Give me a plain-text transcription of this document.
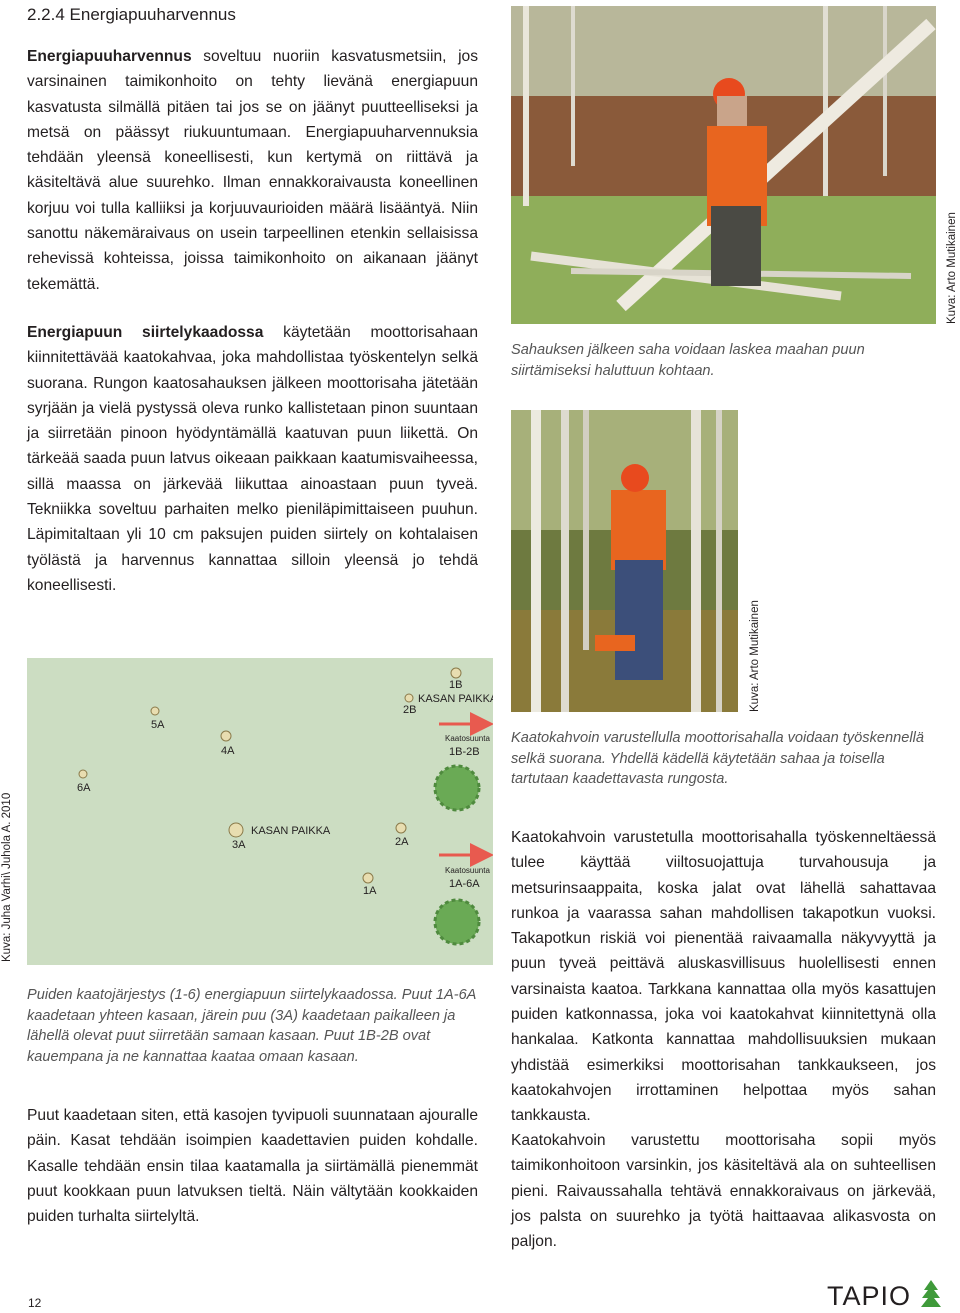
2.2.4 Energiapuuharvennus

Energiapuuharvennus soveltuu nuoriin kasvatusmetsiin, jos varsinainen taimikonhoito on tehty lievänä energiapuun kasvatusta silmällä pitäen tai jos se on jäänyt puutteelliseksi ja metsä on päässyt riukuuntumaan. Energiapuuharvennuksia tehdään yleensä koneellisesti, kun kertymä on riittävä ja käsiteltävä alue suurehko. Ilman ennakkoraivausta koneellinen korjuu voi tulla kalliiksi ja korjuuvaurioiden määrä lisääntyä. Niin sanottu näkemäraivaus on usein tarpeellinen etenkin sellaisissa rehevissä kohteissa, joissa taimikonhoito on aikanaan jäänyt tekemättä.

Energiapuun siirtelykaadossa käytetään moottorisahaan kiinnitettävää kaatokahvaa, joka mahdollistaa työskentelyn selkä suorana. Rungon kaatosahauksen jälkeen moottorisaha jätetään syrjään ja vielä pystyssä oleva runko kallistetaan pinon suuntaan ja siirretään pinoon hyödyntämällä kaatuvan puun liikettä. On tärkeää saada puun latvus oikeaan paikkaan kaatumisvaiheessa, sillä maassa on järkevää liikuttaa ainoastaan puun tyveä. Tekniikka soveltuu parhaiten melko pieniläpimittaiseen puuhun. Läpimitaltaan yli 10 cm paksujen puiden siirtely on kohtalaisen työlästä ja harvennus kannattaa silloin yleensä jo tehdä koneellisesti.

1B
2B
KASAN PAIKKA
Kaatosuunta
1B-2B
5A
4A
6A
3A
KASAN PAIKKA
2A
1A
Kaatosuunta
1A-6A
Kuva: Juha Varhi\ Juhola A. 2010

Puiden kaatojärjestys (1-6) energiapuun siirtelykaadossa. Puut 1A-6A kaadetaan yhteen kasaan, järein puu (3A) kaadetaan paikalleen ja lähellä olevat puut siirretään samaan kasaan. Puut 1B-2B ovat kauempana ja ne kannattaa kaataa omaan kasaan.

Puut kaadetaan siten, että kasojen tyvipuoli suunnataan ajouralle päin. Kasat tehdään isoimpien kaadettavien puiden kohdalle. Kasalle tehdään ensin tilaa kaatamalla ja siirtämällä pienemmät puut kookkaan puun latvuksen tieltä. Näin vältytään kookkaiden puiden turhalta siirtelyltä.

Kuva: Arto Mutikainen

Sahauksen jälkeen saha voidaan laskea maahan puun siirtämiseksi haluttuun kohtaan.

Kuva: Arto Mutikainen

Kaatokahvoin varustellulla moottorisahalla voidaan työskennellä selkä suorana. Yhdellä kädellä käytetään sahaa ja toisella tartutaan kaadettavasta rungosta.

Kaatokahvoin varustetulla moottorisahalla työskenneltäessä tulee käyttää viiltosuojattuja turvahousuja ja metsurinsaappaita, koska jalat ovat lähellä sahattavaa runkoa ja vaarassa sahan mahdollisen takapotkun vuoksi. Takapotkun riskiä voi pienentää raivaamalla näkyvyyttä ja puun tyveä peittävä aluskasvillisuus huolellisesti ennen varsinaista kaatoa. Tarkkana kannattaa olla myös kasattujen puiden katkonnassa, joka voi kaatokahvat kiinnitettynä olla hankalaa. Katkonta kannattaa mahdollisuuksien mukaan yhdistää esimerkiksi moottorisahan tankkaukseen, jos kaatokahvojen irrottaminen helpottaa myös sahan tankkausta.

Kaatokahvoin varustettu moottorisaha sopii myös taimikonhoitoon varsinkin, jos käsiteltävä ala on suhteellisen pieni. Raivaussahalla tehtävä ennakkoraivaus on järkevää, jos palsta on suurehko ja työtä haittaavaa alikasvosta on paljon.

12	TAPIO
